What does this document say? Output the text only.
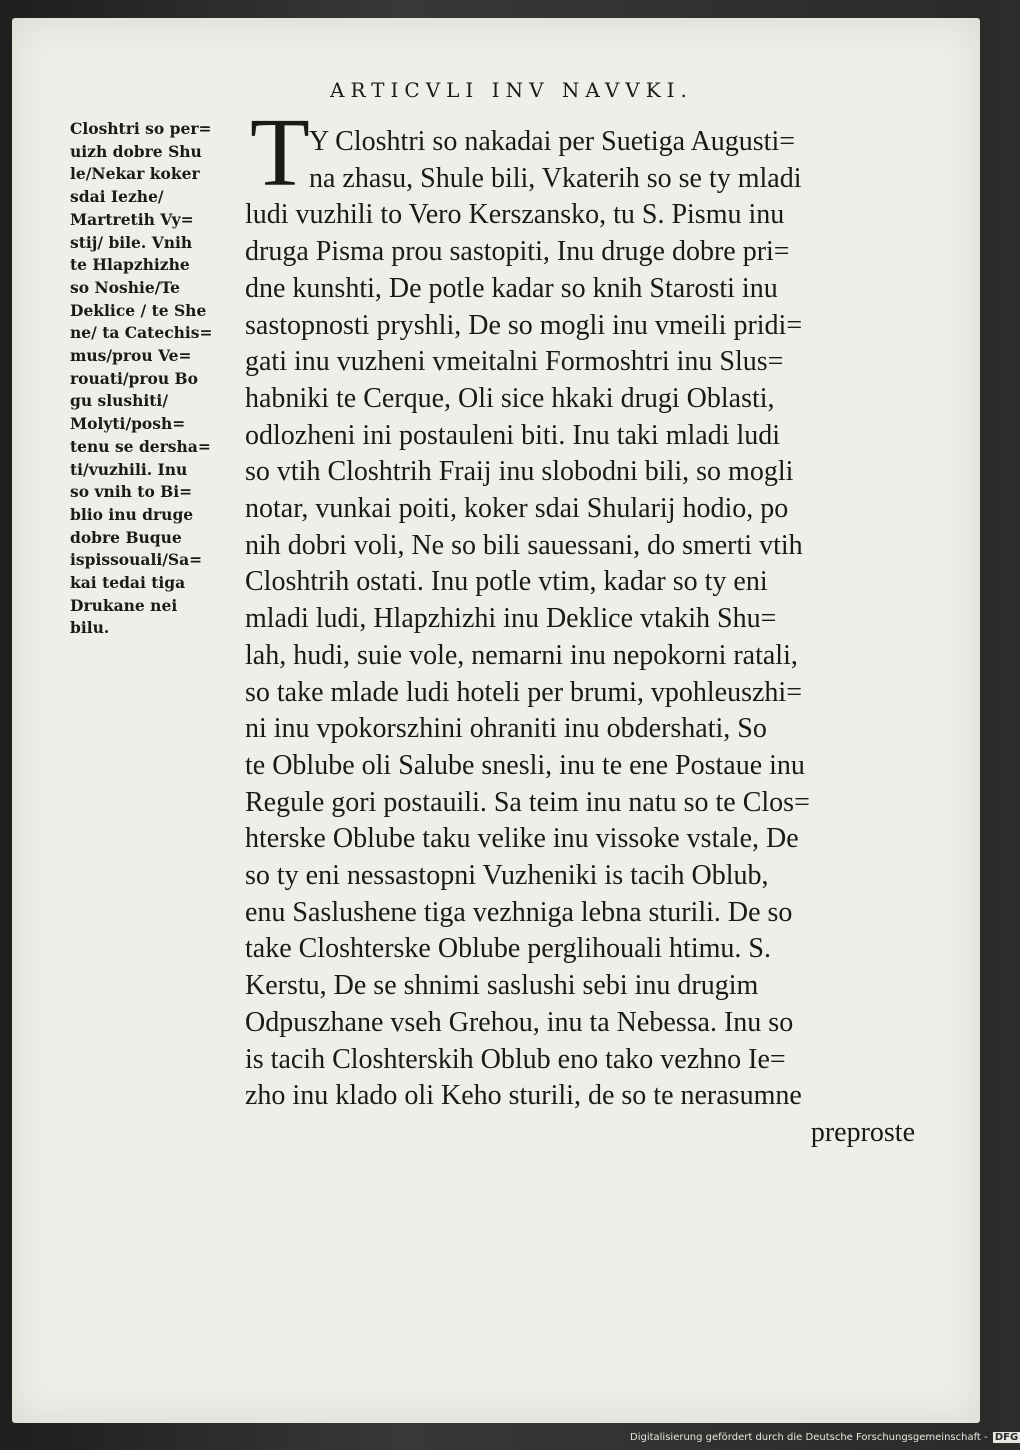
ARTICVLI INV NAVVKI.
Closhtri so per=
uizh dobre Shu
le/Nekar koker
sdai Iezhe/
Martretih Vy=
stij/ bile. Vnih
te Hlapzhizhe
so Noshie/Te
Deklice / te She
ne/ ta Catechis=
mus/prou Ve=
rouati/prou Bo
gu slushiti/
Molyti/posh=
tenu se dersha=
ti/vuzhili. Inu
so vnih to Bi=
blio inu druge
dobre Buque
ispissouali/Sa=
kai tedai tiga
Drukane nei
bilu.
T Y Closhtri so nakadai per Suetiga Augusti=
na zhasu, Shule bili, Vkaterih so se ty mladi
ludi vuzhili to Vero Kerszansko, tu S. Pismu inu
druga Pisma prou sastopiti, Inu druge dobre pri=
dne kunshti, De potle kadar so knih Starosti inu
sastopnosti pryshli, De so mogli inu vmeili pridi=
gati inu vuzheni vmeitalni Formoshtri inu Slus=
habniki te Cerque, Oli sice hkaki drugi Oblasti,
odlozheni ini postauleni biti. Inu taki mladi ludi
so vtih Closhtrih Fraij inu slobodni bili, so mogli
notar, vunkai poiti, koker sdai Shularij hodio, po
nih dobri voli, Ne so bili sauessani, do smerti vtih
Closhtrih ostati. Inu potle vtim, kadar so ty eni
mladi ludi, Hlapzhizhi inu Deklice vtakih Shu=
lah, hudi, suie vole, nemarni inu nepokorni ratali,
so take mlade ludi hoteli per brumi, vpohleuszhi=
ni inu vpokorszhini ohraniti inu obdershati, So
te Oblube oli Salube snesli, inu te ene Postaue inu
Regule gori postauili. Sa teim inu natu so te Clos=
hterske Oblube taku velike inu vissoke vstale, De
so ty eni nessastopni Vuzheniki is tacih Oblub,
enu Saslushene tiga vezhniga lebna sturili. De so
take Closhterske Oblube perglihouali htimu. S.
Kerstu, De se shnimi saslushi sebi inu drugim
Odpuszhane vseh Grehou, inu ta Nebessa. Inu so
is tacih Closhterskih Oblub eno tako vezhno Ie=
zho inu klado oli Keho sturili, de so te nerasumne
preproste
Digitalisierung gefördert durch die Deutsche Forschungsgemeinschaft - DFG
